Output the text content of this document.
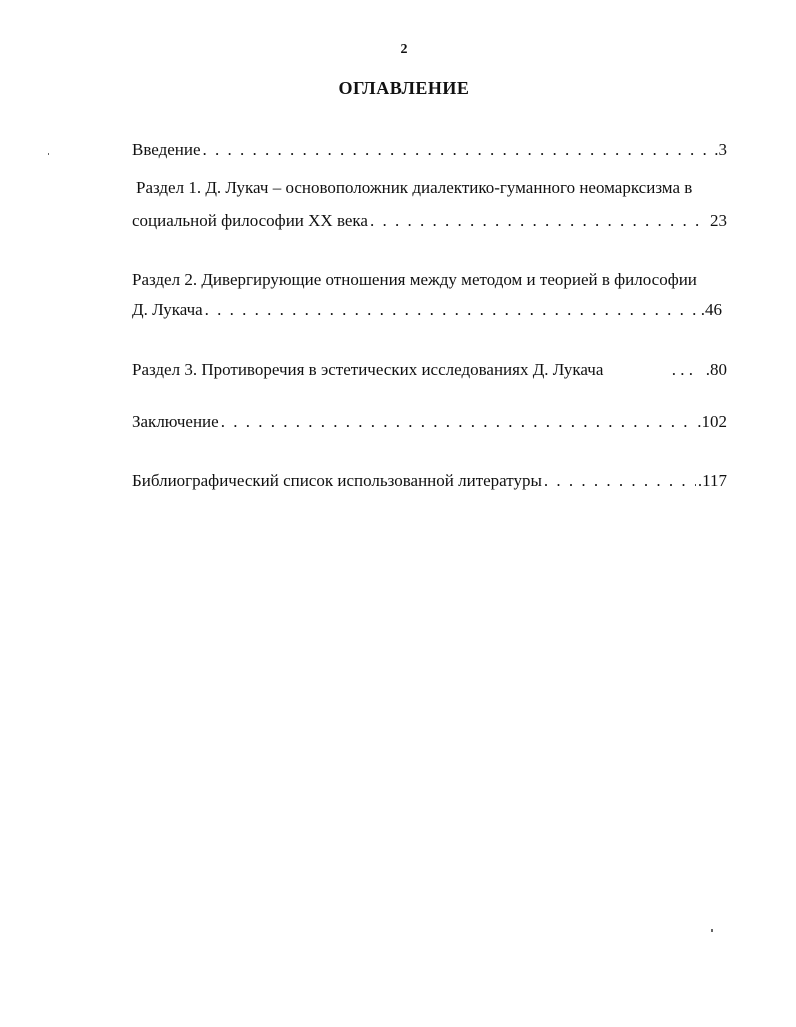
2
ОГЛАВЛЕНИЕ
Введение . . .	.3
Раздел 1. Д. Лукач – основоположник диалектико-гуманного неомарксизма в
социальной философии XX века . . .	23
Раздел 2. Дивергирующие отношения между методом и теорией в философии
Д. Лукача . . .	.46
Раздел 3. Противоречия в эстетических исследованиях Д. Лукача	. . .   .80
Заключение . . .	.102
Библиографический список использованной литературы . . .	.117
